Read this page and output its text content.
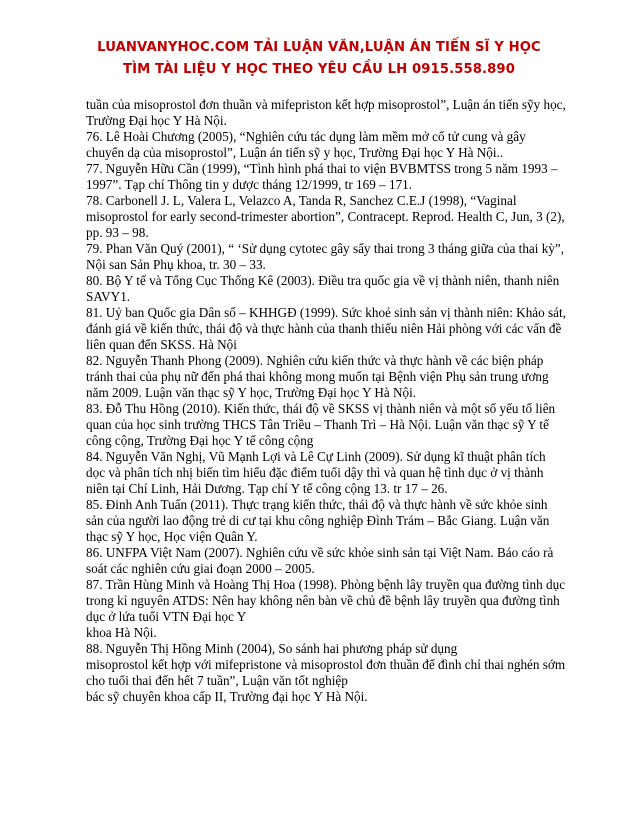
LUANVANYHOC.COM TẢI LUẬN VĂN,LUẬN ÁN TIẾN SĨ Y HỌC
TÌM TÀI LIỆU Y HỌC THEO YÊU CẦU LH 0915.558.890

tuần của misoprostol đơn thuần và mifepriston kết hợp misoprostol”, Luận án tiến sỹy học, Trường Đại học Y Hà Nội.

76. Lê Hoài Chương (2005), “Nghiên cứu tác dụng làm mềm mở cổ tử cung và gây chuyển dạ của misoprostol”, Luận án tiến sỹ y học, Trường Đại học Y Hà Nội..

77. Nguyễn Hữu Cần (1999), “Tình hình phá thai to viện BVBMTSS trong 5 năm 1993 – 1997”. Tạp chí Thông tin y dược tháng 12/1999, tr 169 – 171.

78. Carbonell J. L, Valera L, Velazco A, Tanda R, Sanchez C.E.J (1998), “Vaginal misoprostol for early second-trimester abortion”, Contracept. Reprod. Health C, Jun, 3 (2), pp. 93 – 98.

79. Phan Văn Quý (2001), “ ‘Sử dụng cytotec gây sẩy thai trong 3 tháng giữa của thai kỳ”, Nội san Sản Phụ khoa, tr. 30 – 33.

80. Bộ Y tế và Tổng Cục Thống Kê (2003). Điều tra quốc gia về vị thành niên, thanh niên SAVY1.

81. Uỷ ban Quốc gia Dân số – KHHGĐ (1999). Sức khoẻ sinh sản vị thành niên: Khảo sát, đánh giá về kiến thức, thái độ và thực hành của thanh thiếu niên Hải phòng với các vấn đề liên quan đến SKSS. Hà Nội

82. Nguyễn Thanh Phong (2009). Nghiên cứu kiến thức và thực hành về các biện pháp tránh thai của phụ nữ đến phá thai không mong muốn tại Bệnh viện Phụ sản trung ương năm 2009. Luận văn thạc sỹ Y học, Trường Đại học Y Hà Nội.

83. Đỗ Thu Hồng (2010). Kiến thức, thái độ về SKSS vị thành niên và một số yếu tố liên quan của học sinh trường THCS Tân Triều – Thanh Trì – Hà Nội. Luận văn thạc sỹ Y tế công cộng, Trường Đại học Y tế công cộng

84. Nguyễn Văn Nghị, Vũ Mạnh Lợi và Lê Cự Linh (2009). Sử dụng kĩ thuật phân tích dọc và phân tích nhị biến tìm hiểu đặc điểm tuổi dậy thì và quan hệ tình dục ở vị thành niên tại Chí Linh, Hải Dương. Tạp chí Y tế công cộng 13. tr 17 – 26.

85. Đinh Anh Tuấn (2011). Thực trạng kiến thức, thái độ và thực hành về sức khỏe sinh sản của người lao động trẻ di cư tại khu công nghiệp Đình Trám – Bắc Giang. Luận văn thạc sỹ Y học, Học viện Quân Y.

86. UNFPA Việt Nam (2007). Nghiên cứu về sức khỏe sinh sản tại Việt Nam. Báo cáo rà soát các nghiên cứu giai đoạn 2000 – 2005.

87. Trần Hùng Minh và Hoàng Thị Hoa (1998). Phòng bệnh lây truyền qua đường tình dục trong kỉ nguyên ATDS: Nên hay không nên bàn về chủ đề bệnh lây truyền qua đường tình dục ở lứa tuổi VTN Đại học Y

khoa Hà Nội.

88. Nguyễn Thị Hồng Minh (2004), So sánh hai phương pháp sử dụng

misoprostol kết hợp với mifepristone và misoprostol đơn thuần để đình chỉ thai nghén sớm cho tuổi thai đến hết 7 tuần”, Luận văn tốt nghiệp

bác sỹ chuyên khoa cấp II, Trường đại học Y Hà Nội.
